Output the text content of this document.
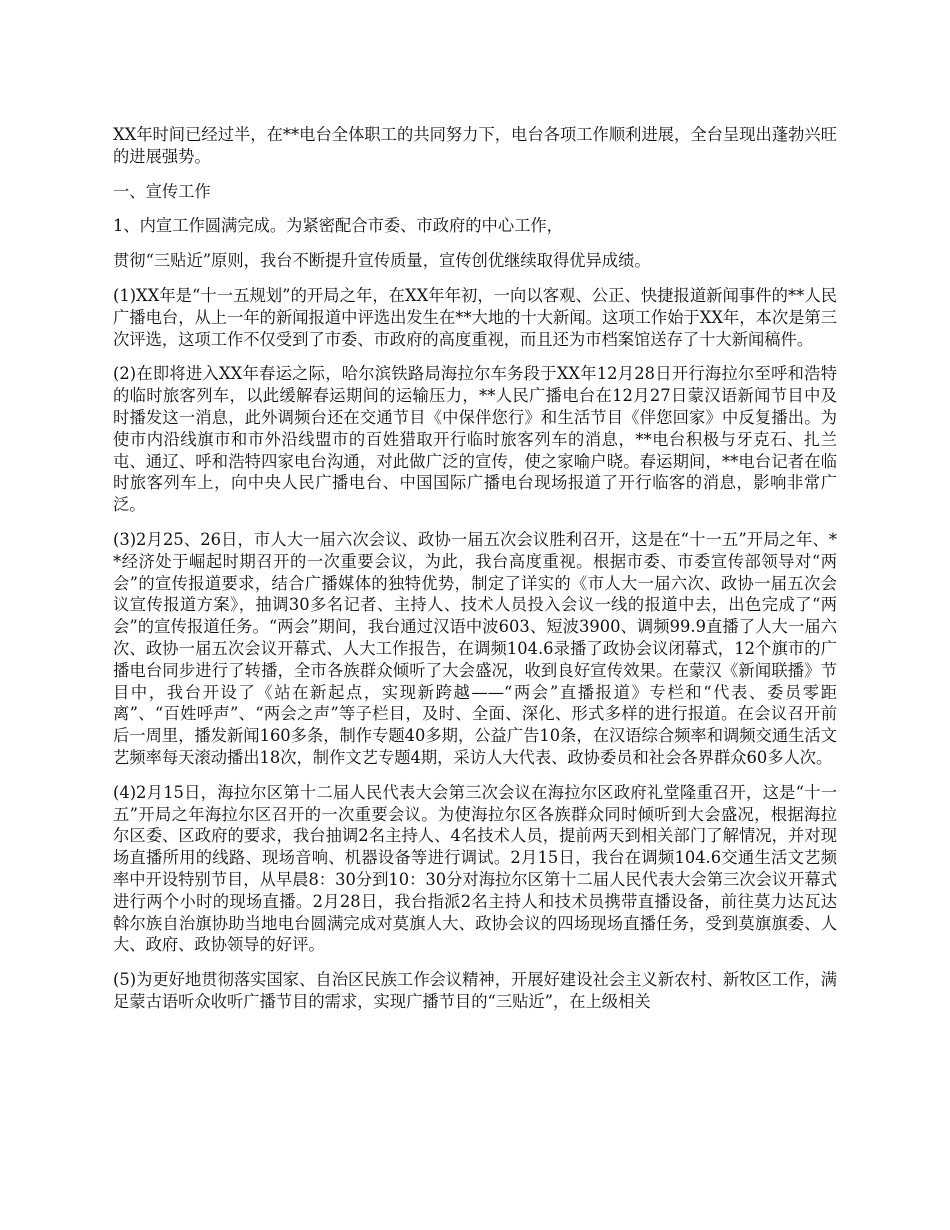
XX年时间已经过半，在**电台全体职工的共同努力下，电台各项工作顺利进展，全台呈现出蓬勃兴旺的进展强势。

一、宣传工作

1、内宣工作圆满完成。为紧密配合市委、市政府的中心工作，

贯彻“三贴近”原则，我台不断提升宣传质量，宣传创优继续取得优异成绩。

(1)XX年是“十一五规划”的开局之年，在XX年年初，一向以客观、公正、快捷报道新闻事件的**人民广播电台，从上一年的新闻报道中评选出发生在**大地的十大新闻。这项工作始于XX年，本次是第三次评选，这项工作不仅受到了市委、市政府的高度重视，而且还为市档案馆送存了十大新闻稿件。

(2)在即将进入XX年春运之际，哈尔滨铁路局海拉尔车务段于XX年12月28日开行海拉尔至呼和浩特的临时旅客列车，以此缓解春运期间的运输压力，**人民广播电台在12月27日蒙汉语新闻节目中及时播发这一消息，此外调频台还在交通节目《中保伴您行》和生活节目《伴您回家》中反复播出。为使市内沿线旗市和市外沿线盟市的百姓猎取开行临时旅客列车的消息，**电台积极与牙克石、扎兰屯、通辽、呼和浩特四家电台沟通，对此做广泛的宣传，使之家喻户晓。春运期间，**电台记者在临时旅客列车上，向中央人民广播电台、中国国际广播电台现场报道了开行临客的消息，影响非常广泛。

(3)2月25、26日，市人大一届六次会议、政协一届五次会议胜利召开，这是在“十一五”开局之年、**经济处于崛起时期召开的一次重要会议，为此，我台高度重视。根据市委、市委宣传部领导对“两会”的宣传报道要求，结合广播媒体的独特优势，制定了详实的《市人大一届六次、政协一届五次会议宣传报道方案》，抽调30多名记者、主持人、技术人员投入会议一线的报道中去，出色完成了“两会”的宣传报道任务。“两会”期间，我台通过汉语中波603、短波3900、调频99.9直播了人大一届六次、政协一届五次会议开幕式、人大工作报告，在调频104.6录播了政协会议闭幕式，12个旗市的广播电台同步进行了转播，全市各族群众倾听了大会盛况，收到良好宣传效果。在蒙汉《新闻联播》节目中，我台开设了《站在新起点，实现新跨越——“两会”直播报道》专栏和“代表、委员零距离”、“百姓呼声”、“两会之声”等子栏目，及时、全面、深化、形式多样的进行报道。在会议召开前后一周里，播发新闻160多条，制作专题40多期，公益广告10条，在汉语综合频率和调频交通生活文艺频率每天滚动播出18次，制作文艺专题4期，采访人大代表、政协委员和社会各界群众60多人次。

(4)2月15日，海拉尔区第十二届人民代表大会第三次会议在海拉尔区政府礼堂隆重召开，这是“十一五”开局之年海拉尔区召开的一次重要会议。为使海拉尔区各族群众同时倾听到大会盛况，根据海拉尔区委、区政府的要求，我台抽调2名主持人、4名技术人员，提前两天到相关部门了解情况，并对现场直播所用的线路、现场音响、机器设备等进行调试。2月15日，我台在调频104.6交通生活文艺频率中开设特别节目，从早晨8：30分到10：30分对海拉尔区第十二届人民代表大会第三次会议开幕式进行两个小时的现场直播。2月28日，我台指派2名主持人和技术员携带直播设备，前往莫力达瓦达斡尔族自治旗协助当地电台圆满完成对莫旗人大、政协会议的四场现场直播任务，受到莫旗旗委、人大、政府、政协领导的好评。

(5)为更好地贯彻落实国家、自治区民族工作会议精神，开展好建设社会主义新农村、新牧区工作，满足蒙古语听众收听广播节目的需求，实现广播节目的“三贴近”，在上级相关
